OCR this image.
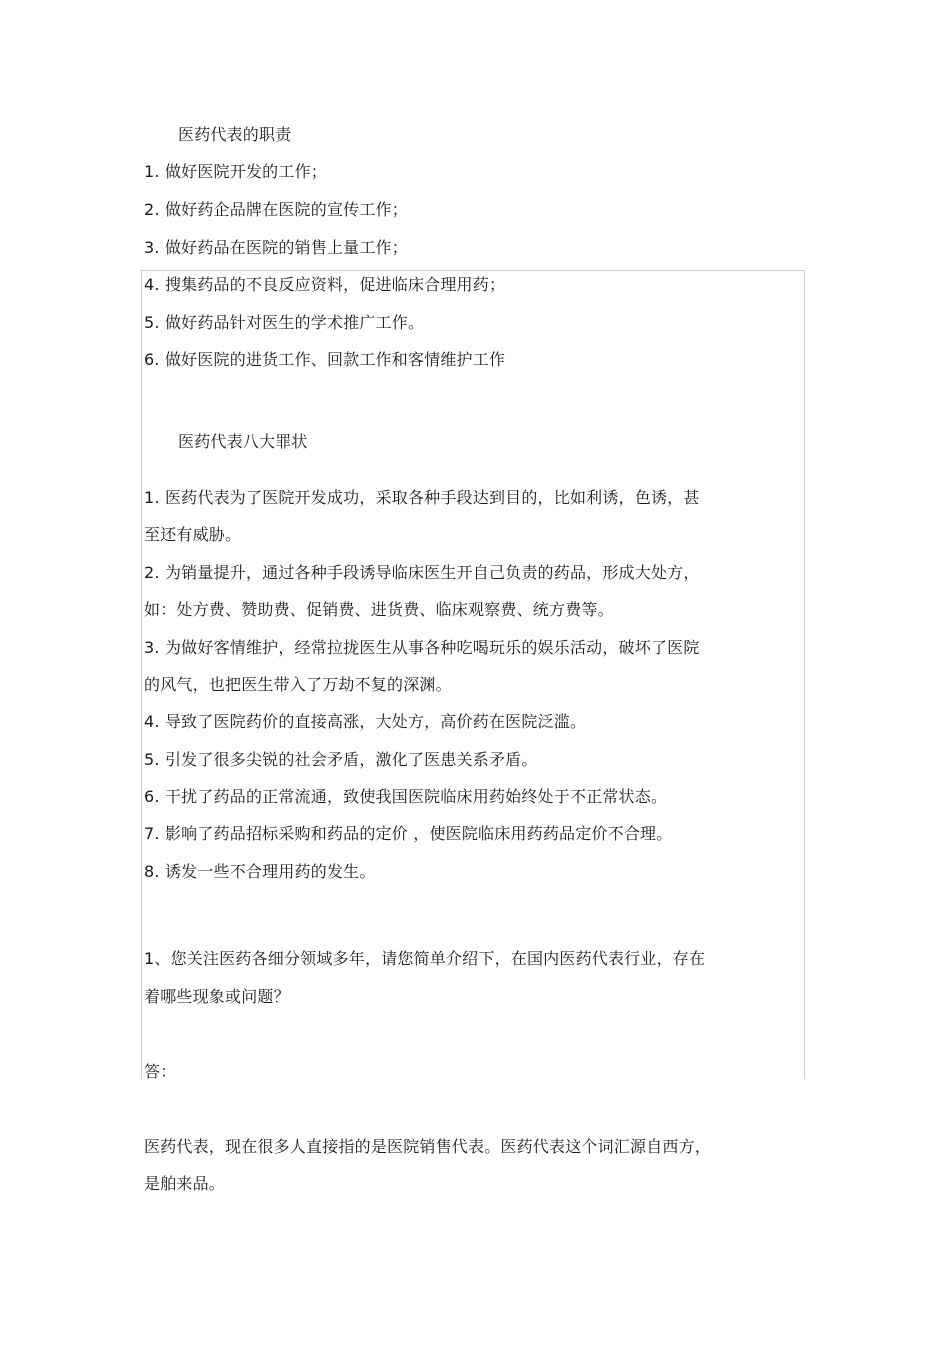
医药代表的职责
1. 做好医院开发的工作；
2. 做好药企品牌在医院的宣传工作；
3. 做好药品在医院的销售上量工作；
4. 搜集药品的不良反应资料，促进临床合理用药；
5. 做好药品针对医生的学术推广工作。
6. 做好医院的进货工作、回款工作和客情维护工作
医药代表八大罪状
1. 医药代表为了医院开发成功，采取各种手段达到目的，比如利诱，色诱，甚
至还有威胁。
2. 为销量提升，通过各种手段诱导临床医生开自己负责的药品，形成大处方，
如：处方费、赞助费、促销费、进货费、临床观察费、统方费等。
3. 为做好客情维护，经常拉拢医生从事各种吃喝玩乐的娱乐活动，破坏了医院
的风气，也把医生带入了万劫不复的深渊。
4. 导致了医院药价的直接高涨，大处方，高价药在医院泛滥。
5. 引发了很多尖锐的社会矛盾，激化了医患关系矛盾。
6. 干扰了药品的正常流通，致使我国医院临床用药始终处于不正常状态。
7. 影响了药品招标采购和药品的定价 ，使医院临床用药药品定价不合理。
8. 诱发一些不合理用药的发生。
1、您关注医药各细分领域多年，请您简单介绍下，在国内医药代表行业，存在
着哪些现象或问题？
答：
医药代表，现在很多人直接指的是医院销售代表。医药代表这个词汇源自西方，
是舶来品。
